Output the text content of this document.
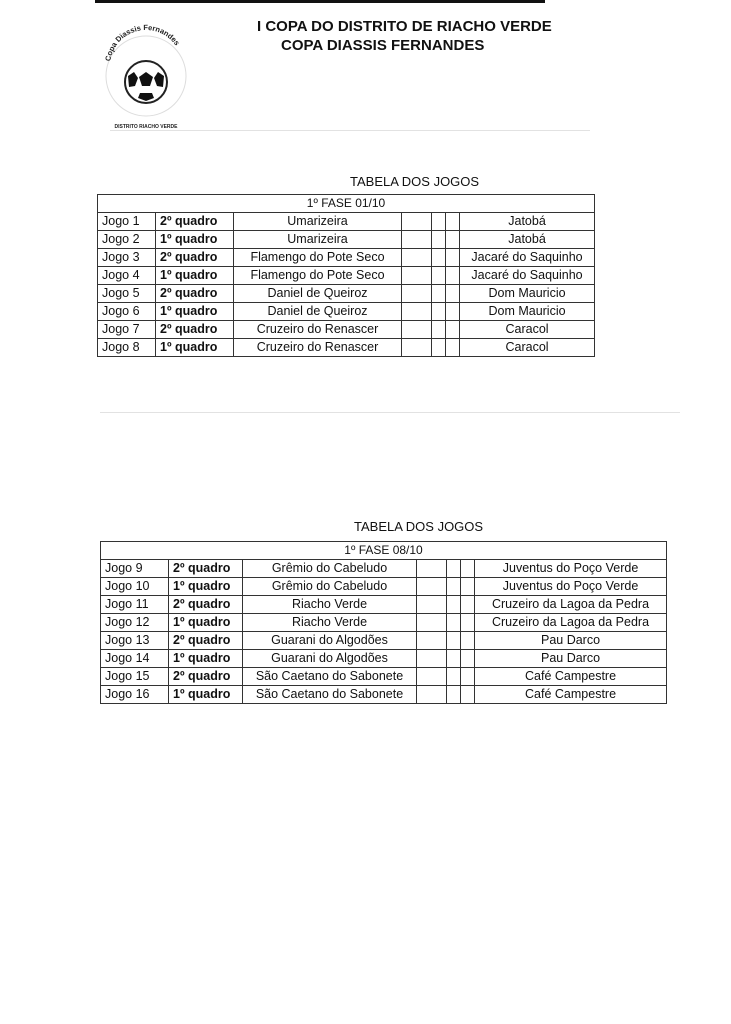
Copa Diassis Fernandes
DISTRITO RIACHO VERDE
I COPA DO DISTRITO DE RIACHO VERDE
COPA DIASSIS FERNANDES
TABELA DOS JOGOS
1º FASE 01/10						
Jogo 1	2º quadro	Umarizeira				Jatobá
Jogo 2	1º quadro	Umarizeira				Jatobá
Jogo 3	2º quadro	Flamengo do Pote Seco				Jacaré do Saquinho
Jogo 4	1º quadro	Flamengo do Pote Seco				Jacaré do Saquinho
Jogo 5	2º quadro	Daniel de Queiroz				Dom Mauricio
Jogo 6	1º quadro	Daniel de Queiroz				Dom Mauricio
Jogo 7	2º quadro	Cruzeiro do Renascer				Caracol
Jogo 8	1º quadro	Cruzeiro do Renascer				Caracol
TABELA DOS JOGOS
1º FASE 08/10						
Jogo 9	2º quadro	Grêmio do Cabeludo				Juventus do Poço Verde
Jogo 10	1º quadro	Grêmio do Cabeludo				Juventus do Poço Verde
Jogo 11	2º quadro	Riacho Verde				Cruzeiro da Lagoa da Pedra
Jogo 12	1º quadro	Riacho Verde				Cruzeiro da Lagoa da Pedra
Jogo 13	2º quadro	Guarani do Algodões				Pau Darco
Jogo 14	1º quadro	Guarani do Algodões				Pau Darco
Jogo 15	2º quadro	São Caetano do Sabonete				Café Campestre
Jogo 16	1º quadro	São Caetano do Sabonete				Café Campestre
